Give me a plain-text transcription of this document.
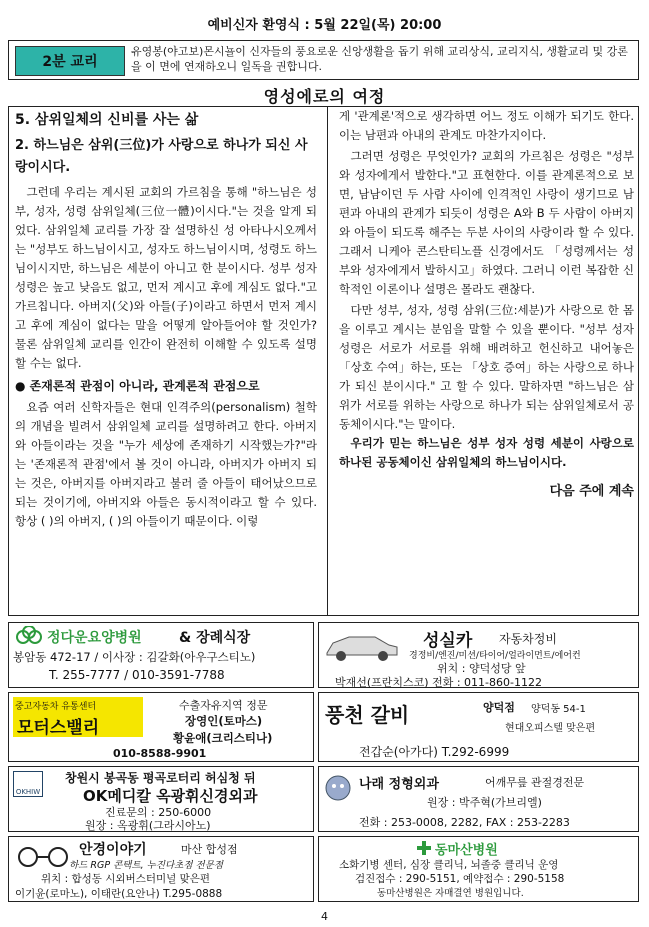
예비신자 환영식 : 5월 22일(목) 20:00
2분 교리
유영봉(야고보)몬시뇰이 신자들의 풍요로운 신앙생활을 돕기 위해 교리상식, 교리지식, 생활교리 및 강론을 이 면에 연재하오니 일독을 권합니다.
영성에로의 여정
5. 삼위일체의 신비를 사는 삶
2. 하느님은 삼위(三位)가 사랑으로 하나가 되신 사랑이시다.

그런데 우리는 계시된 교회의 가르침을 통해 "하느님은 성부, 성자, 성령 삼위일체(三位一體)이시다."는 것을 알게 되었다. 삼위일체 교리를 가장 잘 설명하신 성 아타나시오께서는 "성부도 하느님이시고, 성자도 하느님이시며, 성령도 하느님이시지만, 하느님은 세분이 아니고 한 분이시다. 성부 성자 성령은 높고 낮음도 없고, 먼저 계시고 후에 계심도 없다."고 가르칩니다. 아버지(父)와 아들(子)이라고 하면서 먼저 계시고 후에 계심이 없다는 말을 어떻게 알아들어야 할 것인가? 물론 삼위일체 교리를 인간이 완전히 이해할 수 있도록 설명할 수는 없다.

● 존재론적 관점이 아니라, 관계론적 관점으로

요즘 여러 신학자들은 현대 인격주의(personalism) 철학의 개념을 빌려서 삼위일체 교리를 설명하려고 한다. 아버지와 아들이라는 것을 "누가 세상에 존재하기 시작했는가?"라는 '존재론적 관점'에서 볼 것이 아니라, 아버지가 아버지 되는 것은, 아버지를 아버지라고 불러 줄 아들이 태어났으므로 되는 것이기에, 아버지와 아들은 동시적이라고 할 수 있다. 항상 ( )의 아버지, ( )의 아들이기 때문이다. 이렇

게 '관계론'적으로 생각하면 어느 정도 이해가 되기도 한다. 이는 남편과 아내의 관계도 마찬가지이다.

그러면 성령은 무엇인가? 교회의 가르침은 성령은 "성부와 성자에게서 발한다."고 표현한다. 이를 관계론적으로 보면, 남남이던 두 사람 사이에 인격적인 사랑이 생기므로 남편과 아내의 관계가 되듯이 성령은 A와 B 두 사람이 아버지와 아들이 되도록 해주는 두분 사이의 사랑이라 할 수 있다. 그래서 니케아 콘스탄티노플 신경에서도 「성령께서는 성부와 성자에게서 발하시고」하였다. 그러니 이런 복잡한 신학적인 이론이나 설명은 몰라도 괜찮다.

다만 성부, 성자, 성령 삼위(三位:세분)가 사랑으로 한 몸을 이루고 계시는 분임을 말할 수 있을 뿐이다. "성부 성자 성령은 서로가 서로를 위해 배려하고 헌신하고 내어놓은 「상호 수여」하는, 또는 「상호 증여」하는 사랑으로 하나가 되신 분이시다." 고 할 수 있다. 말하자면 "하느님은 삼위가 서로를 위하는 사랑으로 하나가 되는 삼위일체로서 공동체이시다."는 말이다.

우리가 믿는 하느님은 성부 성자 성령 세분이 사랑으로 하나된 공동체이신 삼위일체의 하느님이시다.

다음 주에 계속
정다운요양병원	& 장례식장
봉암동 472-17 / 이사장 : 김갈화(아우구스티노)
T. 255-7777 / 010-3591-7788
성실카 자동차정비
경정비/엔진/미션/타이어/얼라이먼트/에어컨
위치 : 양덕성당 앞
박재선(프란치스코) 전화 : 011-860-1122
중고자동차 유통센터
모터스밸리
수출자유지역 정문
장영인(토마스)
황윤애(크리스티나)
010-8588-9901
풍천 갈비	양덕점 양덕동 54-1
현대오피스텔 맞은편
전갑순(아가다) T.292-6999
OKHIW
창원시 봉곡동 평곡로터리 허심청 뒤
OK메디칼 옥광휘신경외과
진료문의 : 250-6000
원장 : 옥광휘(그라시아노)
나래 정형외과	어깨무릎 관절경전문
원장 : 박주혁(가브리엘)
전화 : 253-0008, 2282, FAX : 253-2283
안경이야기	마산 합성점
하드 RGP 콘택트, 누진다초점 전문점
위치 : 합성동 시외버스터미널 맞은편
이기윤(로마노), 이태란(요안나) T.295-0888
동마산병원
소화기병 센터, 심장 클리닉, 뇌졸중 클리닉 운영
검진접수 : 290-5151, 예약접수 : 290-5158
동마산병원은 자매결연 병원입니다.
4
